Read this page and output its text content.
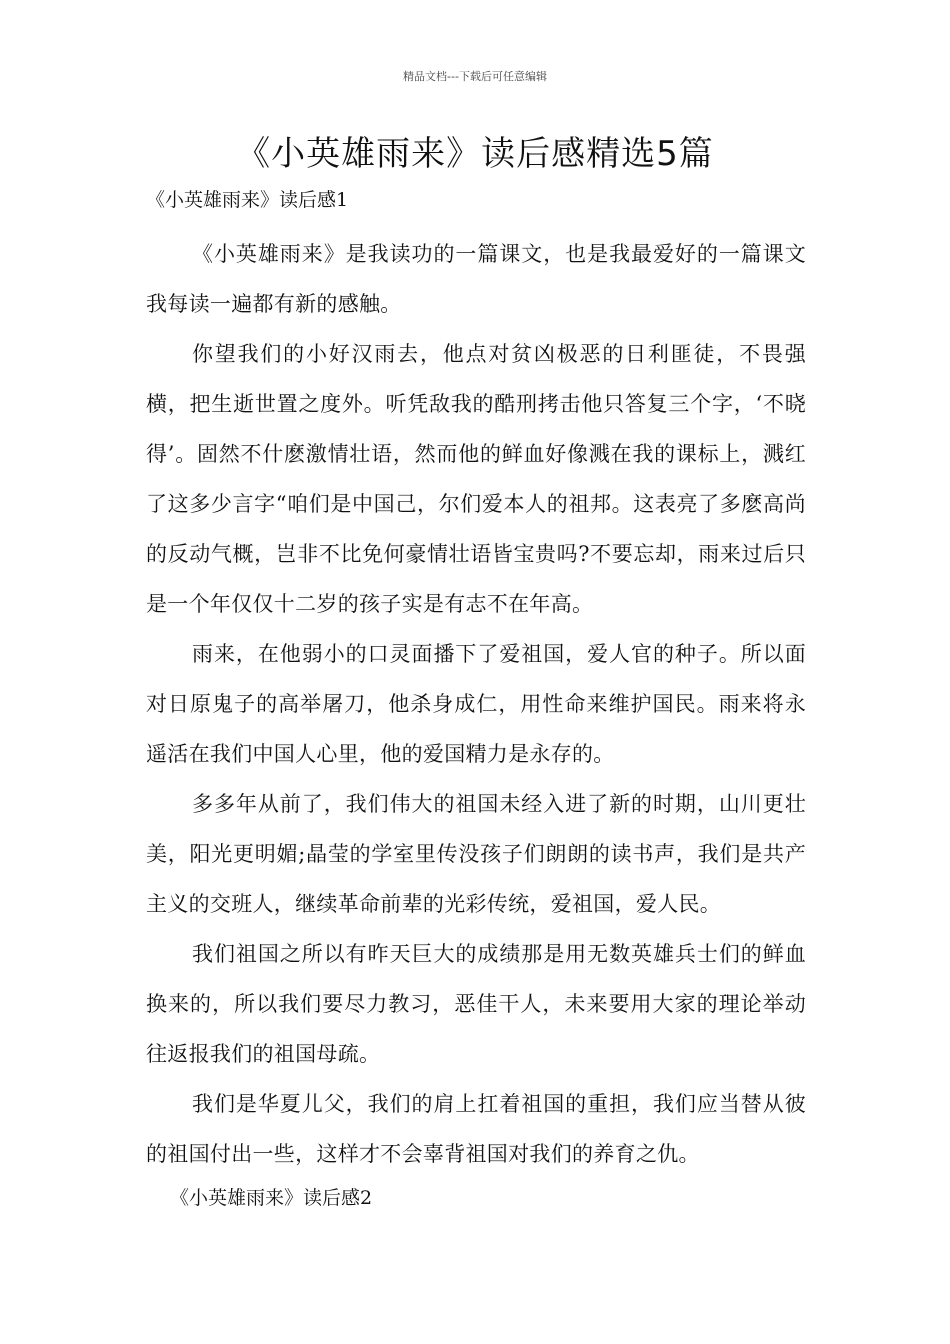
精品文档---下载后可任意编辑
《小英雄雨来》读后感精选5篇
《小英雄雨来》读后感1

《小英雄雨来》是我读功的一篇课文，也是我最爱好的一篇课文我每读一遍都有新的感触。

你望我们的小好汉雨去，他点对贫凶极恶的日利匪徒，不畏强横，把生逝世置之度外。听凭敌我的酷刑拷击他只答复三个字，‘不晓得’。固然不什麽激情壮语，然而他的鲜血好像溅在我的课标上，溅红了这多少言字“咱们是中国己，尔们爱本人的祖邦。这表亮了多麽高尚的反动气概，岂非不比免何豪情壮语皆宝贵吗?不要忘却，雨来过后只是一个年仅仅十二岁的孩子实是有志不在年高。

雨来，在他弱小的口灵面播下了爱祖国，爱人官的种子。所以面对日原鬼子的高举屠刀，他杀身成仁，用性命来维护国民。雨来将永遥活在我们中国人心里，他的爱国精力是永存的。

多多年从前了，我们伟大的祖国未经入进了新的时期，山川更壮美，阳光更明媚;晶莹的学室里传没孩子们朗朗的读书声，我们是共产主义的交班人，继续革命前辈的光彩传统，爱祖国，爱人民。

我们祖国之所以有昨天巨大的成绩那是用无数英雄兵士们的鲜血换来的，所以我们要尽力教习，恶佳干人，未来要用大家的理论举动往返报我们的祖国母疏。

我们是华夏儿父，我们的肩上扛着祖国的重担，我们应当替从彼的祖国付出一些，这样才不会辜背祖国对我们的养育之仇。

《小英雄雨来》读后感2
